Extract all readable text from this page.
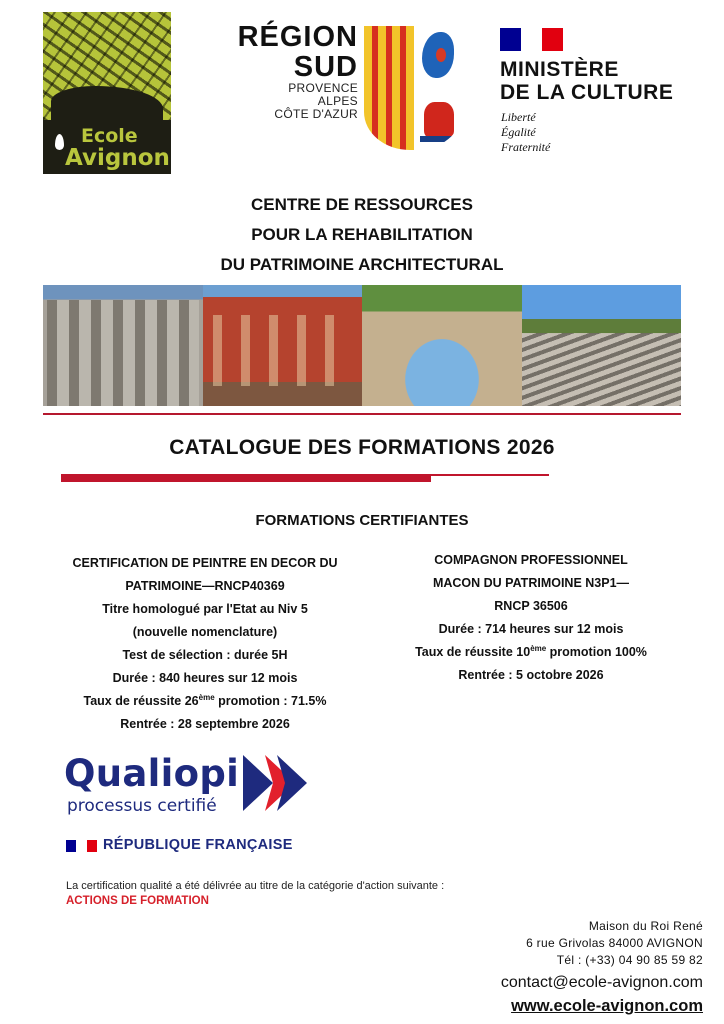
Ecole
Avignon
RÉGION
SUD
PROVENCE
ALPES
CÔTE D'AZUR
MINISTÈRE
DE LA CULTURE
Liberté
Égalité
Fraternité
CENTRE DE RESSOURCES
POUR LA REHABILITATION
DU PATRIMOINE ARCHITECTURAL
CATALOGUE DES FORMATIONS 2026
FORMATIONS CERTIFIANTES

CERTIFICATION DE PEINTRE EN DECOR DU

PATRIMOINE—RNCP40369

Titre homologué par l'Etat au Niv 5

(nouvelle nomenclature)

Test de sélection : durée 5H

Durée : 840 heures sur 12 mois

Taux de réussite 26ème promotion : 71.5%

Rentrée : 28 septembre 2026

COMPAGNON PROFESSIONNEL

MACON DU PATRIMOINE N3P1—

RNCP 36506

Durée : 714 heures sur 12 mois

Taux de réussite 10ème promotion 100%

Rentrée : 5 octobre 2026

Qualiopi
processus certifié
RÉPUBLIQUE FRANÇAISE
La certification qualité a été délivrée au titre de la catégorie d'action suivante :
ACTIONS DE FORMATION
Maison du Roi René
6 rue Grivolas 84000 AVIGNON
Tél : (+33) 04 90 85 59 82
contact@ecole-avignon.com
www.ecole-avignon.com
